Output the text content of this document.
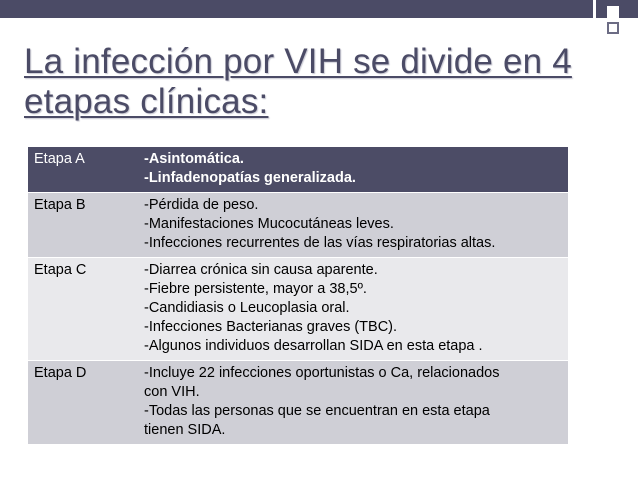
La infección por VIH se divide en 4 etapas clínicas:
Etapa A	-Asintomática.
-Linfadenopatías generalizada.

Etapa B	-Pérdida de peso.
-Manifestaciones Mucocutáneas leves.
-Infecciones recurrentes de las vías respiratorias altas.

Etapa C	-Diarrea crónica sin causa aparente.
-Fiebre persistente, mayor a 38,5º.
-Candidiasis o Leucoplasia oral.
-Infecciones Bacterianas graves (TBC).
-Algunos individuos desarrollan SIDA en esta etapa .

Etapa D	-Incluye 22 infecciones oportunistas o Ca, relacionados
con VIH.
-Todas las personas que se encuentran en esta etapa
tienen SIDA.
